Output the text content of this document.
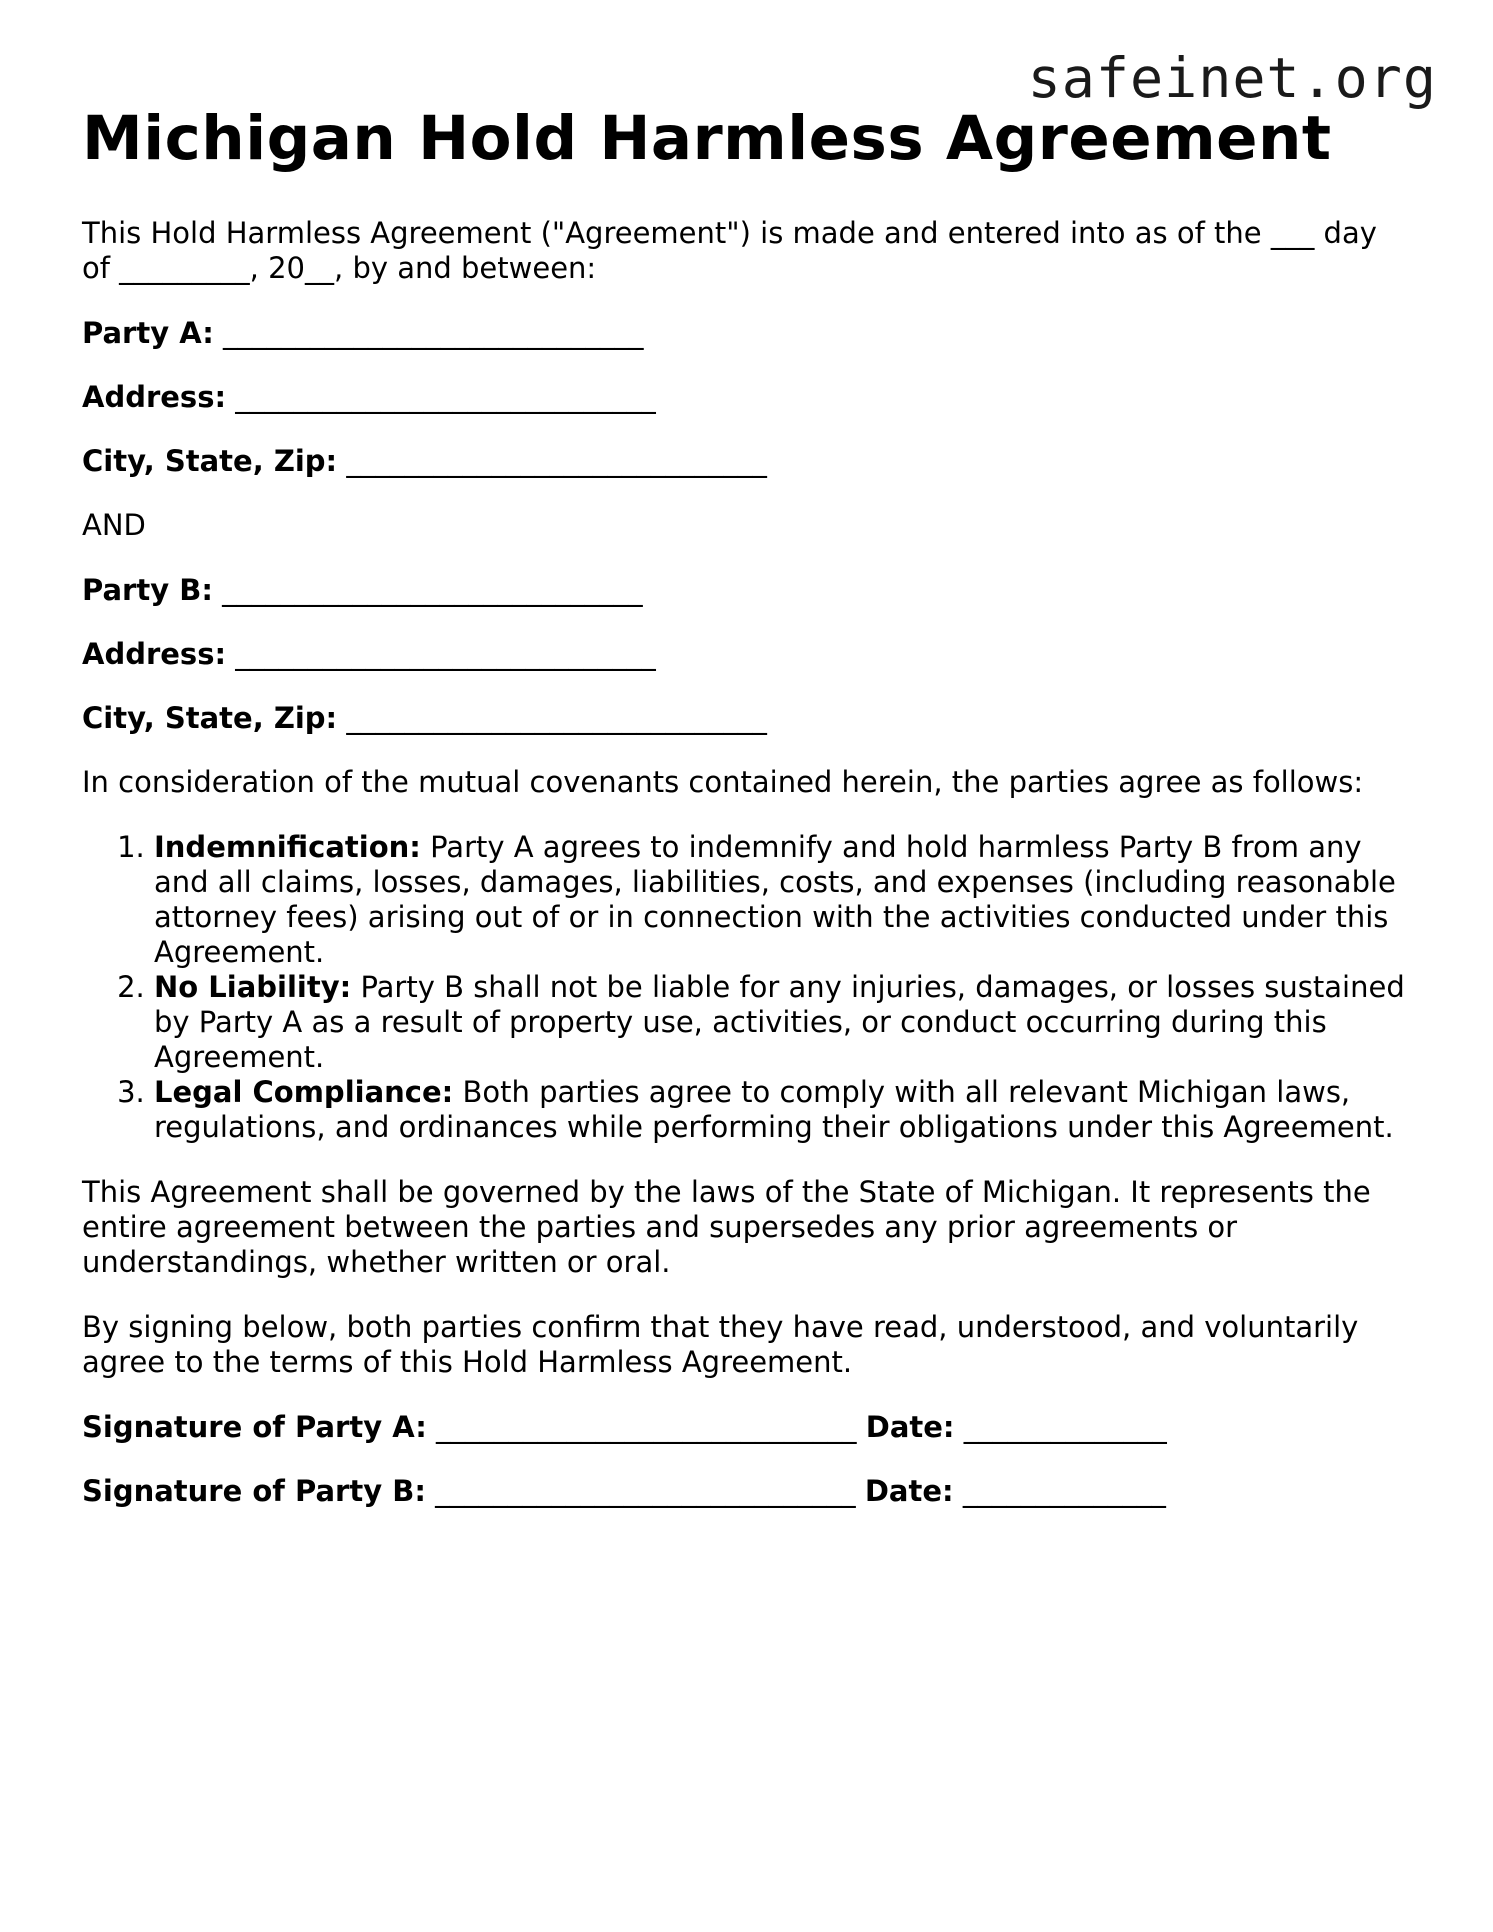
safeinet.org
Michigan Hold Harmless Agreement

This Hold Harmless Agreement ("Agreement") is made and entered into as of the ___ day of _________, 20__, by and between:

Party A: _____________________________
Address: _____________________________
City, State, Zip: _____________________________

AND

Party B: _____________________________
Address: _____________________________
City, State, Zip: _____________________________

In consideration of the mutual covenants contained herein, the parties agree as follows:

1. Indemnification: Party A agrees to indemnify and hold harmless Party B from any and all claims, losses, damages, liabilities, costs, and expenses (including reasonable attorney fees) arising out of or in connection with the activities conducted under this Agreement.
2. No Liability: Party B shall not be liable for any injuries, damages, or losses sustained by Party A as a result of property use, activities, or conduct occurring during this Agreement.
3. Legal Compliance: Both parties agree to comply with all relevant Michigan laws, regulations, and ordinances while performing their obligations under this Agreement.

This Agreement shall be governed by the laws of the State of Michigan. It represents the entire agreement between the parties and supersedes any prior agreements or understandings, whether written or oral.

By signing below, both parties confirm that they have read, understood, and voluntarily agree to the terms of this Hold Harmless Agreement.

Signature of Party A: _____________________________ Date: ______________
Signature of Party B: _____________________________ Date: ______________
